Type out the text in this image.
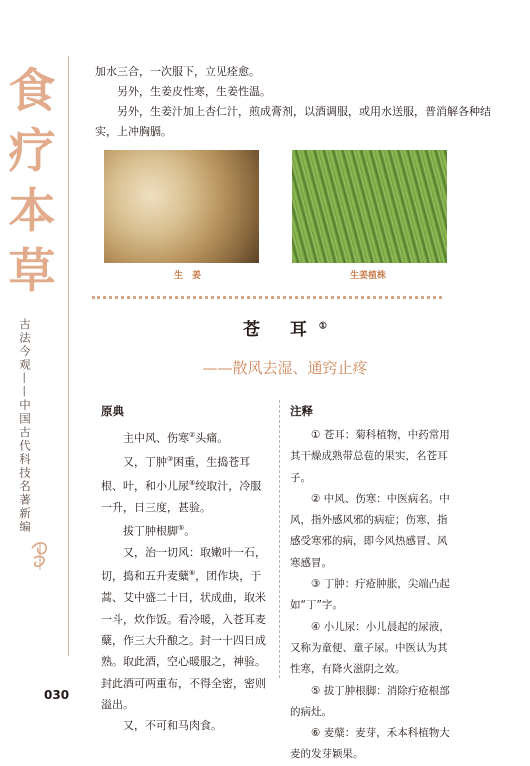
食
疗
本
草
古法今观——中国古代科技名著新编

加水三合，一次服下，立见痊愈。

另外，生姜皮性寒，生姜性温。

另外，生姜汁加上杏仁汁，煎成膏剂，以酒调服，或用水送服，普消解各种结实，上冲胸膈。

生　姜	生姜植株
苍 耳①
——散风去湿、通窍止疼
原典	注释

主中风、伤寒②头痛。

又，丁肿③困重，生捣苍耳根、叶，和小儿尿④绞取汁，冷服一升，日三度，甚验。

拔丁肿根脚⑤。

又，治一切风：取嫩叶一石，切，捣和五升麦糵⑥，团作块，于蒿、艾中盛二十日，状成曲，取米一斗，炊作饭。看冷暖，入苍耳麦糵，作三大升酿之。封一十四日成熟。取此酒，空心暖服之，神验。封此酒可两重布，不得全密，密则溢出。

又，不可和马肉食。

① 苍耳：菊科植物，中药常用其干燥成熟带总苞的果实，名苍耳子。

② 中风、伤寒：中医病名。中风，指外感风邪的病症；伤寒，指感受寒邪的病，即今风热感冒、风寒感冒。

③ 丁肿：疔疮肿胀，尖端凸起如“丁”字。

④ 小儿尿：小儿晨起的尿液，又称为童便、童子尿。中医认为其性寒，有降火滋阴之效。

⑤ 拔丁肿根脚：消除疔疮根部的病灶。

⑥ 麦糵：麦芽，禾本科植物大麦的发芽颖果。

030
